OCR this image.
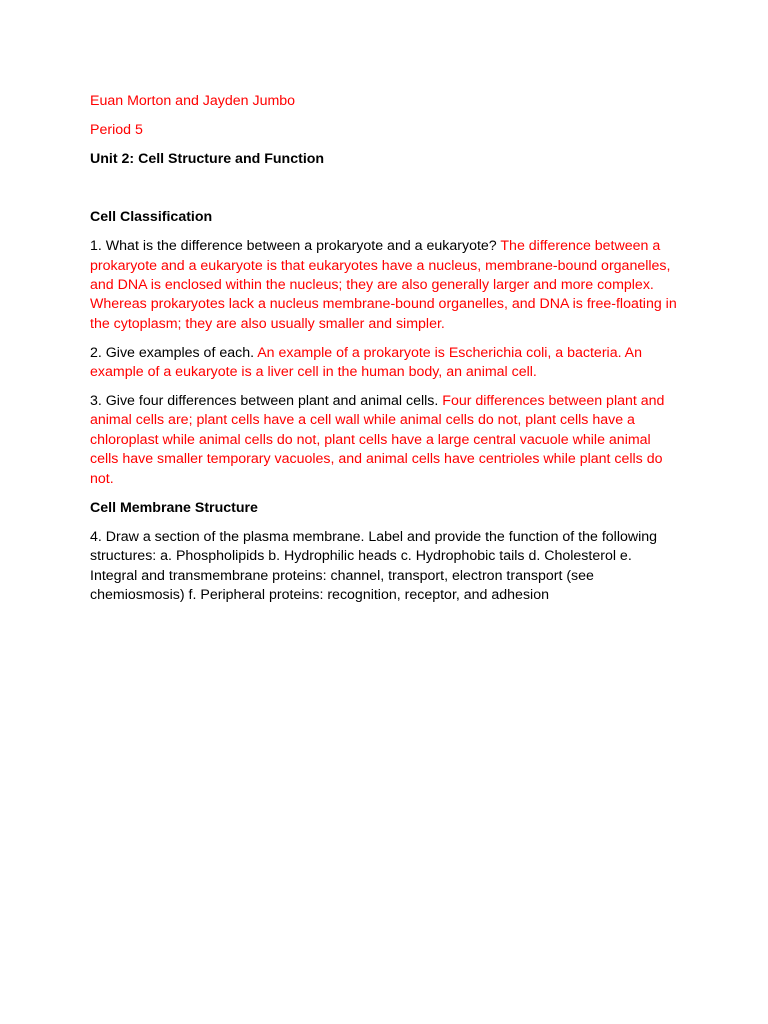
Euan Morton and Jayden Jumbo

Period 5

Unit 2: Cell Structure and Function

Cell Classification

1. What is the difference between a prokaryote and a eukaryote? The difference between a prokaryote and a eukaryote is that eukaryotes have a nucleus, membrane-bound organelles, and DNA is enclosed within the nucleus; they are also generally larger and more complex. Whereas prokaryotes lack a nucleus membrane-bound organelles, and DNA is free-floating in the cytoplasm; they are also usually smaller and simpler.

2. Give examples of each. An example of a prokaryote is Escherichia coli, a bacteria. An example of a eukaryote is a liver cell in the human body, an animal cell.

3. Give four differences between plant and animal cells. Four differences between plant and animal cells are; plant cells have a cell wall while animal cells do not, plant cells have a chloroplast while animal cells do not, plant cells have a large central vacuole while animal cells have smaller temporary vacuoles, and animal cells have centrioles while plant cells do not.

Cell Membrane Structure

4. Draw a section of the plasma membrane. Label and provide the function of the following structures: a. Phospholipids b. Hydrophilic heads c. Hydrophobic tails d. Cholesterol e. Integral and transmembrane proteins: channel, transport, electron transport (see chemiosmosis) f. Peripheral proteins: recognition, receptor, and adhesion
